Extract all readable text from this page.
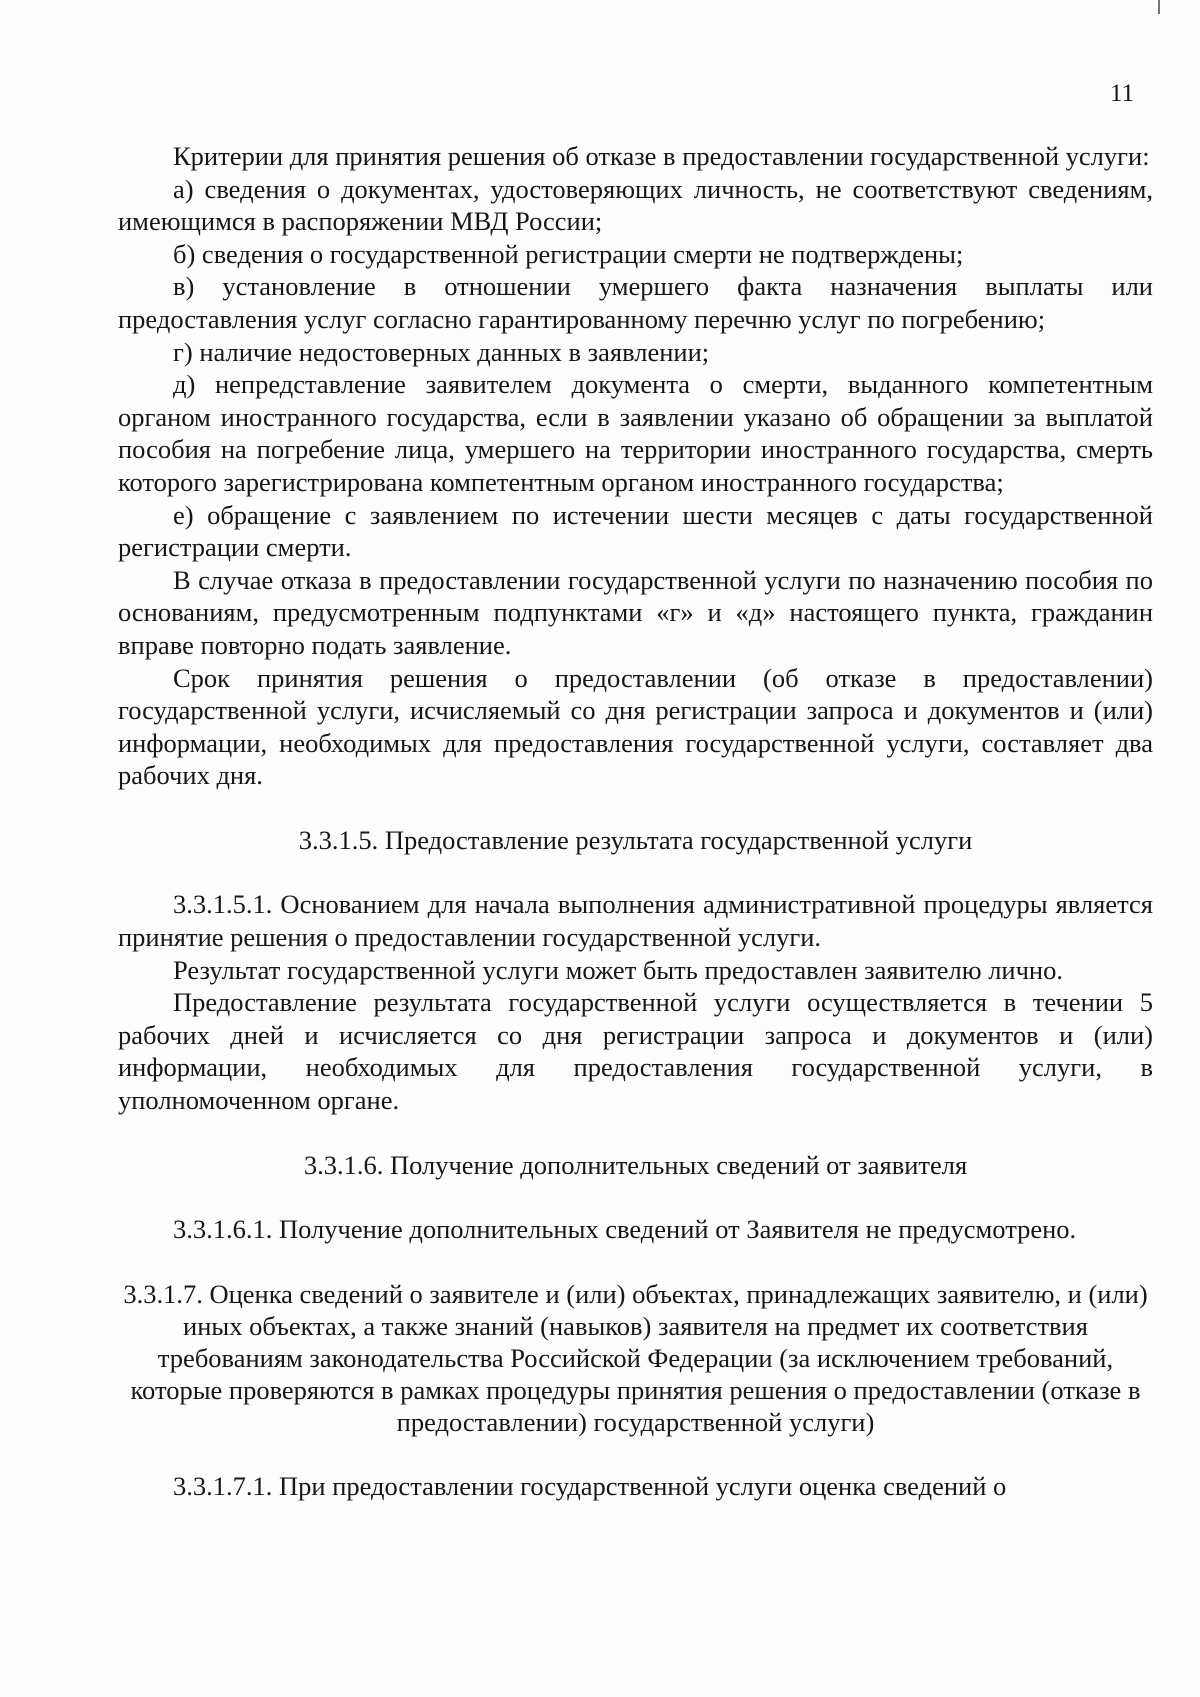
11

Критерии для принятия решения об отказе в предоставлении государственной услуги:

а) сведения о документах, удостоверяющих личность, не соответствуют сведениям, имеющимся в распоряжении МВД России;

б) сведения о государственной регистрации смерти не подтверждены;

в) установление в отношении умершего факта назначения выплаты или предоставления услуг согласно гарантированному перечню услуг по погребению;

г) наличие недостоверных данных в заявлении;

д) непредставление заявителем документа о смерти, выданного компетентным органом иностранного государства, если в заявлении указано об обращении за выплатой пособия на погребение лица, умершего на территории иностранного государства, смерть которого зарегистрирована компетентным органом иностранного государства;

е) обращение с заявлением по истечении шести месяцев с даты государственной регистрации смерти.

В случае отказа в предоставлении государственной услуги по назначению пособия по основаниям, предусмотренным подпунктами «г» и «д» настоящего пункта, гражданин вправе повторно подать заявление.

Срок принятия решения о предоставлении (об отказе в предоставлении) государственной услуги, исчисляемый со дня регистрации запроса и документов и (или) информации, необходимых для предоставления государственной услуги, составляет два рабочих дня.

3.3.1.5. Предоставление результата государственной услуги

3.3.1.5.1. Основанием для начала выполнения административной процедуры является принятие решения о предоставлении государственной услуги.

Результат государственной услуги может быть предоставлен заявителю лично.

Предоставление результата государственной услуги осуществляется в течении 5 рабочих дней и исчисляется со дня регистрации запроса и документов и (или) информации, необходимых для предоставления государственной услуги, в уполномоченном органе.

3.3.1.6. Получение дополнительных сведений от заявителя

3.3.1.6.1. Получение дополнительных сведений от Заявителя не предусмотрено.

3.3.1.7. Оценка сведений о заявителе и (или) объектах, принадлежащих заявителю, и (или) иных объектах, а также знаний (навыков) заявителя на предмет их соответствия требованиям законодательства Российской Федерации (за исключением требований, которые проверяются в рамках процедуры принятия решения о предоставлении (отказе в предоставлении) государственной услуги)

3.3.1.7.1. При предоставлении государственной услуги оценка сведений о
